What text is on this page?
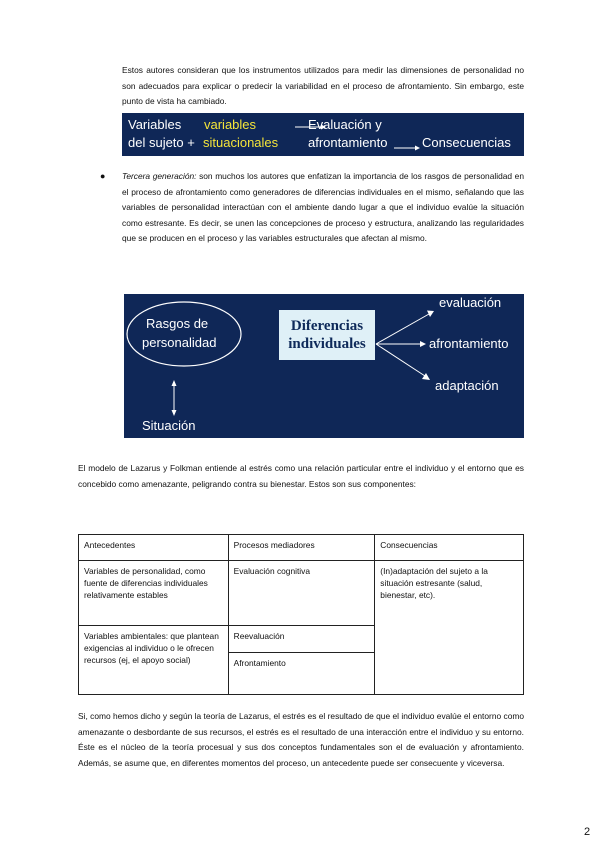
Estos autores consideran que los instrumentos utilizados para medir las dimensiones de personalidad no son adecuados para explicar o predecir la variabilidad en el proceso de afrontamiento. Sin embargo, este punto de vista ha cambiado.

Variables
del sujeto +
variables
situacionales
Evaluación y
afrontamiento	Consecuencias
● Tercera generación: son muchos los autores que enfatizan la importancia de los rasgos de personalidad en el proceso de afrontamiento como generadores de diferencias individuales en el mismo, señalando que las variables de personalidad interactúan con el ambiente dando lugar a que el individuo evalúe la situación como estresante. Es decir, se unen las concepciones de proceso y estructura, analizando las regularidades que se producen en el proceso y las variables estructurales que afectan al mismo.

Rasgos de
personalidad
Diferencias
individuales
evaluación
afrontamiento
adaptación
Situación

El modelo de Lazarus y Folkman entiende al estrés como una relación particular entre el individuo y el entorno que es concebido como amenazante, peligrando contra su bienestar. Estos son sus componentes:

Antecedentes	Procesos mediadores	Consecuencias
Variables de personalidad, como fuente de diferencias individuales relativamente estables	Evaluación cognitiva	(In)adaptación del sujeto a la situación estresante (salud, bienestar, etc).
Variables ambientales: que plantean exigencias al individuo o le ofrecen recursos (ej, el apoyo social)	Reevaluación	
	Afrontamiento	

Si, como hemos dicho y según la teoría de Lazarus, el estrés es el resultado de que el individuo evalúe el entorno como amenazante o desbordante de sus recursos, el estrés es el resultado de una interacción entre el individuo y su entorno. Éste es el núcleo de la teoría procesual y sus dos conceptos fundamentales son el de evaluación y afrontamiento. Además, se asume que, en diferentes momentos del proceso, un antecedente puede ser consecuente y viceversa.

2
